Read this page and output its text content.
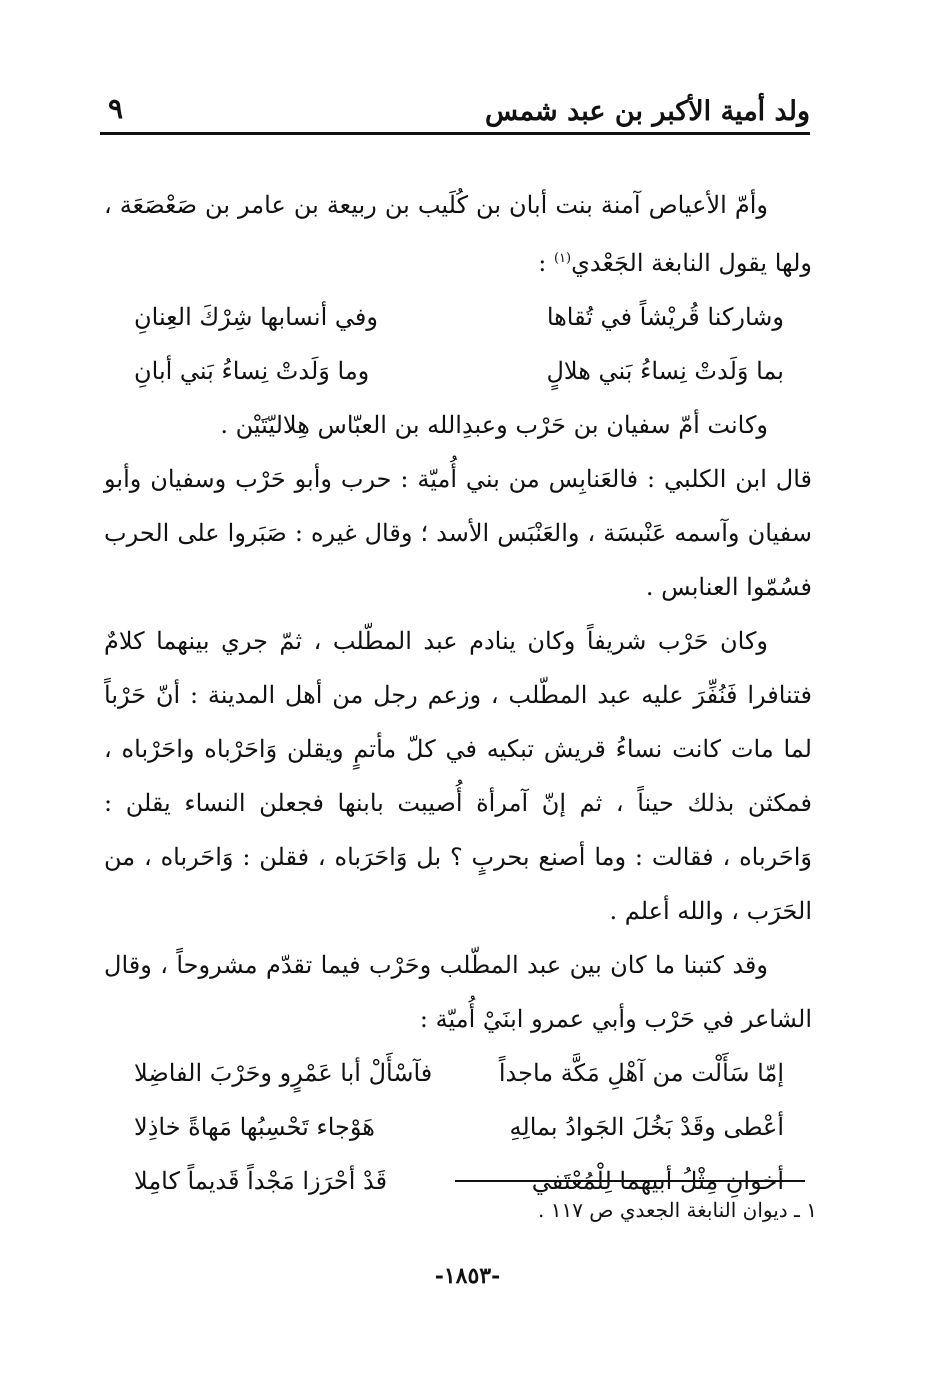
ولد أمية الأكبر بن عبد شمس
٩

وأمّ الأعياص آمنة بنت أبان بن كُلَيب بن ربيعة بن عامر بن صَعْصَعَة ، ولها يقول النابغة الجَعْدي$^{(١)}$ :

وشاركنا قُريْشاً في تُقاها
وفي أنسابها شِرْكَ العِنانِ
بما وَلَدتْ نِساءُ بَني هلالٍ
وما وَلَدتْ نِساءُ بَني أبانِ

وكانت أمّ سفيان بن حَرْب وعبدِالله بن العبّاس هِلاليّتَيْن .

قال ابن الكلبي : فالعَنابِس من بني أُميّة : حرب وأبو حَرْب وسفيان وأبو سفيان وآسمه عَنْبسَة ، والعَنْبَس الأسد ؛ وقال غيره : صَبَروا على الحرب فسُمّوا العنابس .

وكان حَرْب شريفاً وكان ينادم عبد المطّلب ، ثمّ جري بينهما كلامٌ فتنافرا فَنُفِّرَ عليه عبد المطّلب ، وزعم رجل من أهل المدينة : أنّ حَرْباً لما مات كانت نساءُ قريش تبكيه في كلّ مأتمٍ ويقلن وَاحَرْباه واحَرْباه ، فمكثن بذلك حيناً ، ثم إنّ آمرأة أُصيبت بابنها فجعلن النساء يقلن : وَاحَرباه ، فقالت : وما أصنع بحربٍ ؟ بل وَاحَرَباه ، فقلن : وَاحَرباه ، من الحَرَب ، والله أعلم .

وقد كتبنا ما كان بين عبد المطّلب وحَرْب فيما تقدّم مشروحاً ، وقال الشاعر في حَرْب وأبي عمرو ابنَيْ أُميّة :

إمّا سَأَلْت من آهْلِ مَكَّة ماجداً
فآسْأَلْ أبا عَمْرٍو وحَرْبَ الفاضِلا
أعْطى وقَدْ بَخُلَ الجَوادُ بمالِهِ
هَوْجاء تَحْسِبُها مَهاةً خاذِلا
أخوانِ مِثْلُ أبيهما لِلْمُعْتَفي
قَدْ أحْرَزا مَجْداً قَديماً كامِلا
١ ـ ديوان النابغة الجعدي ص ١١٧ .
-١٨٥٣-
